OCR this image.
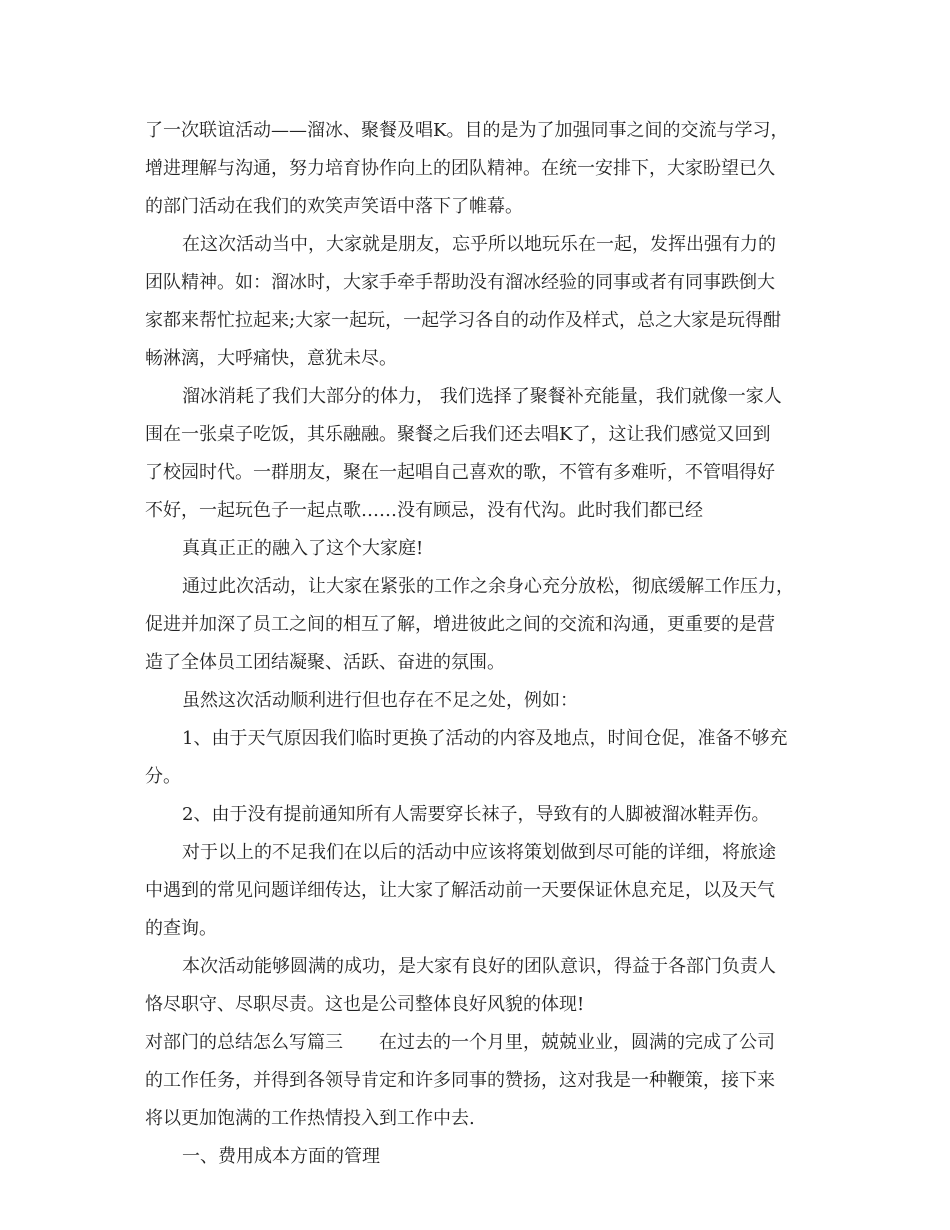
了一次联谊活动——溜冰、聚餐及唱K。目的是为了加强同事之间的交流与学习，
增进理解与沟通，努力培育协作向上的团队精神。在统一安排下，大家盼望已久
的部门活动在我们的欢笑声笑语中落下了帷幕。
在这次活动当中，大家就是朋友，忘乎所以地玩乐在一起，发挥出强有力的
团队精神。如：溜冰时，大家手牵手帮助没有溜冰经验的同事或者有同事跌倒大
家都来帮忙拉起来;大家一起玩，一起学习各自的动作及样式，总之大家是玩得酣
畅淋漓，大呼痛快，意犹未尽。
溜冰消耗了我们大部分的体力， 我们选择了聚餐补充能量，我们就像一家人
围在一张桌子吃饭，其乐融融。聚餐之后我们还去唱K了，这让我们感觉又回到
了校园时代。一群朋友，聚在一起唱自己喜欢的歌，不管有多难听，不管唱得好
不好，一起玩色子一起点歌……没有顾忌，没有代沟。此时我们都已经
真真正正的融入了这个大家庭!
通过此次活动，让大家在紧张的工作之余身心充分放松，彻底缓解工作压力，
促进并加深了员工之间的相互了解，增进彼此之间的交流和沟通，更重要的是营
造了全体员工团结凝聚、活跃、奋进的氛围。
虽然这次活动顺利进行但也存在不足之处，例如：
1、由于天气原因我们临时更换了活动的内容及地点，时间仓促，准备不够充
分。
2、由于没有提前通知所有人需要穿长袜子，导致有的人脚被溜冰鞋弄伤。
对于以上的不足我们在以后的活动中应该将策划做到尽可能的详细，将旅途
中遇到的常见问题详细传达，让大家了解活动前一天要保证休息充足，以及天气
的查询。
本次活动能够圆满的成功，是大家有良好的团队意识，得益于各部门负责人
恪尽职守、尽职尽责。这也是公司整体良好风貌的体现!
对部门的总结怎么写篇三　　在过去的一个月里，兢兢业业，圆满的完成了公司
的工作任务，并得到各领导肯定和许多同事的赞扬，这对我是一种鞭策，接下来
将以更加饱满的工作热情投入到工作中去.
一、费用成本方面的管理
